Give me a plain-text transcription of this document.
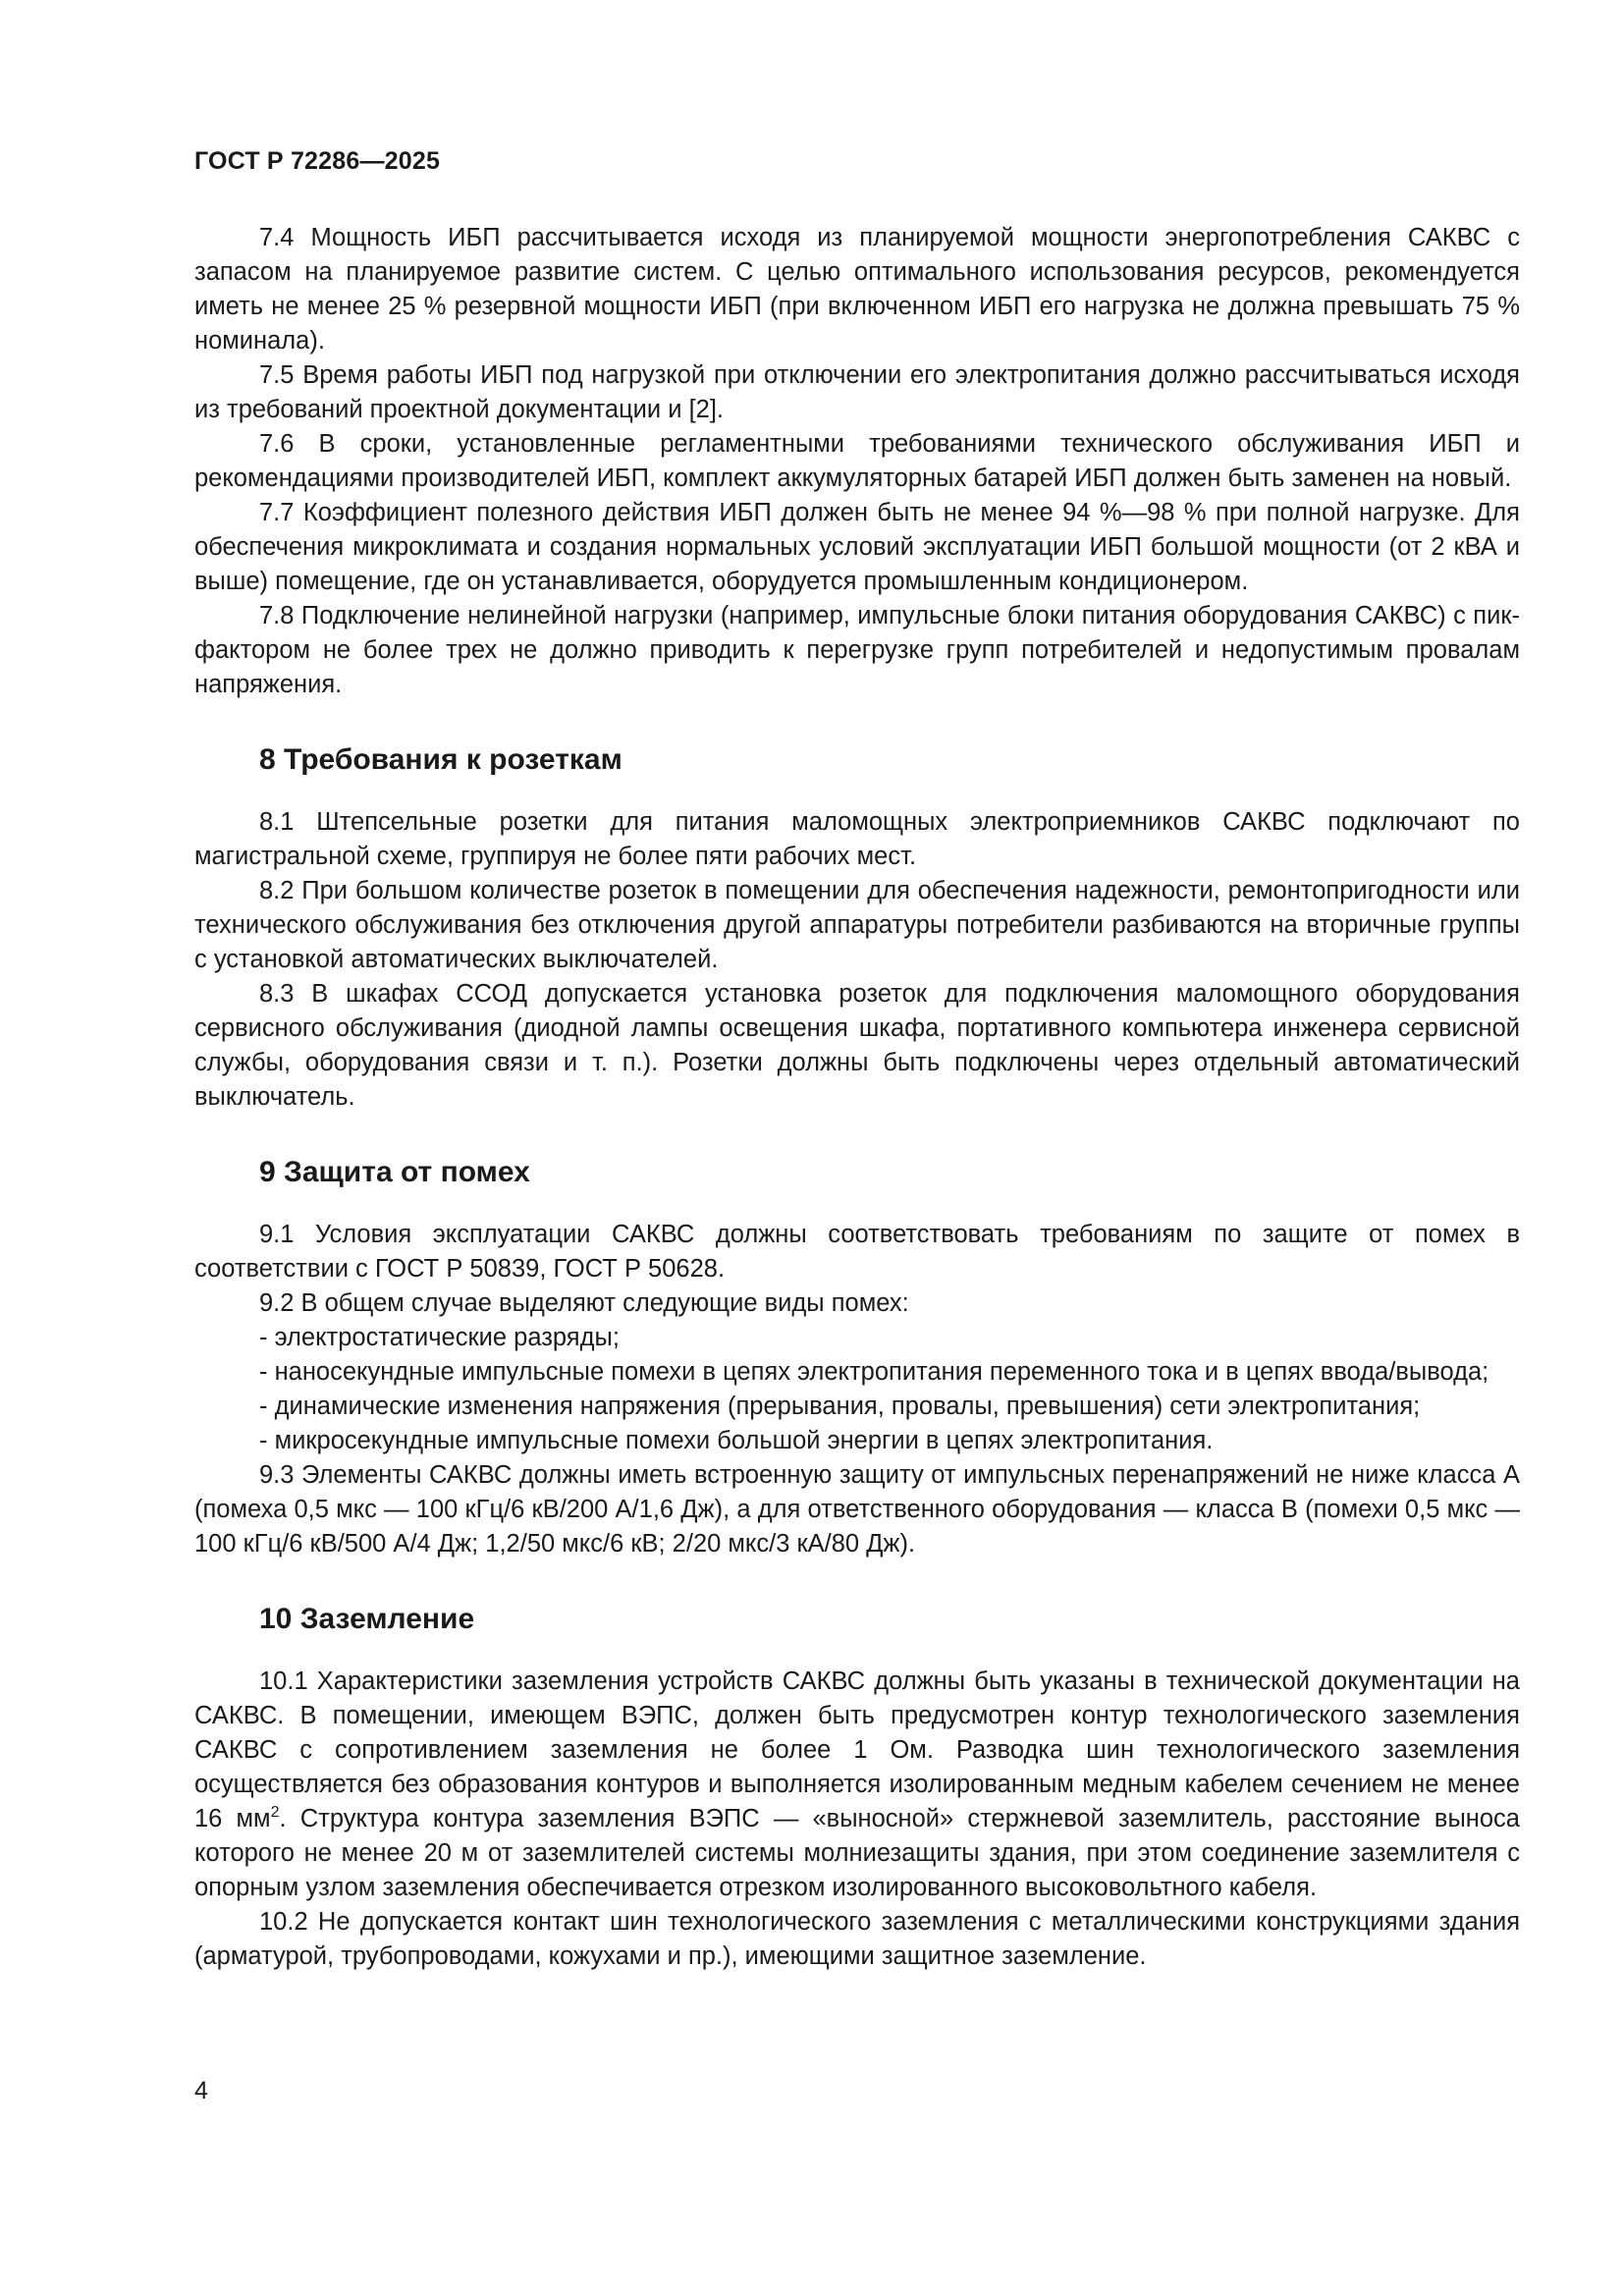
ГОСТ Р 72286—2025

7.4 Мощность ИБП рассчитывается исходя из планируемой мощности энергопотребления САКВС с запасом на планируемое развитие систем. С целью оптимального использования ресурсов, рекомендуется иметь не менее 25 % резервной мощности ИБП (при включенном ИБП его нагрузка не должна превышать 75 % номинала).

7.5 Время работы ИБП под нагрузкой при отключении его электропитания должно рассчитываться исходя из требований проектной документации и [2].

7.6 В сроки, установленные регламентными требованиями технического обслуживания ИБП и рекомендациями производителей ИБП, комплект аккумуляторных батарей ИБП должен быть заменен на новый.

7.7 Коэффициент полезного действия ИБП должен быть не менее 94 %—98 % при полной нагрузке. Для обеспечения микроклимата и создания нормальных условий эксплуатации ИБП большой мощности (от 2 кВА и выше) помещение, где он устанавливается, оборудуется промышленным кондиционером.

7.8 Подключение нелинейной нагрузки (например, импульсные блоки питания оборудования САКВС) с пик-фактором не более трех не должно приводить к перегрузке групп потребителей и недопустимым провалам напряжения.

8 Требования к розеткам

8.1 Штепсельные розетки для питания маломощных электроприемников САКВС подключают по магистральной схеме, группируя не более пяти рабочих мест.

8.2 При большом количестве розеток в помещении для обеспечения надежности, ремонтопригодности или технического обслуживания без отключения другой аппаратуры потребители разбиваются на вторичные группы с установкой автоматических выключателей.

8.3 В шкафах ССОД допускается установка розеток для подключения маломощного оборудования сервисного обслуживания (диодной лампы освещения шкафа, портативного компьютера инженера сервисной службы, оборудования связи и т. п.). Розетки должны быть подключены через отдельный автоматический выключатель.

9 Защита от помех

9.1 Условия эксплуатации САКВС должны соответствовать требованиям по защите от помех в соответствии с ГОСТ Р 50839, ГОСТ Р 50628.

9.2 В общем случае выделяют следующие виды помех:

- электростатические разряды;

- наносекундные импульсные помехи в цепях электропитания переменного тока и в цепях ввода/вывода;

- динамические изменения напряжения (прерывания, провалы, превышения) сети электропитания;

- микросекундные импульсные помехи большой энергии в цепях электропитания.

9.3 Элементы САКВС должны иметь встроенную защиту от импульсных перенапряжений не ниже класса А (помеха 0,5 мкс — 100 кГц/6 кВ/200 А/1,6 Дж), а для ответственного оборудования — класса В (помехи 0,5 мкс — 100 кГц/6 кВ/500 А/4 Дж; 1,2/50 мкс/6 кВ; 2/20 мкс/3 кА/80 Дж).

10 Заземление

10.1 Характеристики заземления устройств САКВС должны быть указаны в технической документации на САКВС. В помещении, имеющем ВЭПС, должен быть предусмотрен контур технологического заземления САКВС с сопротивлением заземления не более 1 Ом. Разводка шин технологического заземления осуществляется без образования контуров и выполняется изолированным медным кабелем сечением не менее 16 $мм^2$. Структура контура заземления ВЭПС — «выносной» стержневой заземлитель, расстояние выноса которого не менее 20 м от заземлителей системы молниезащиты здания, при этом соединение заземлителя с опорным узлом заземления обеспечивается отрезком изолированного высоковольтного кабеля.

10.2 Не допускается контакт шин технологического заземления с металлическими конструкциями здания (арматурой, трубопроводами, кожухами и пр.), имеющими защитное заземление.

4
